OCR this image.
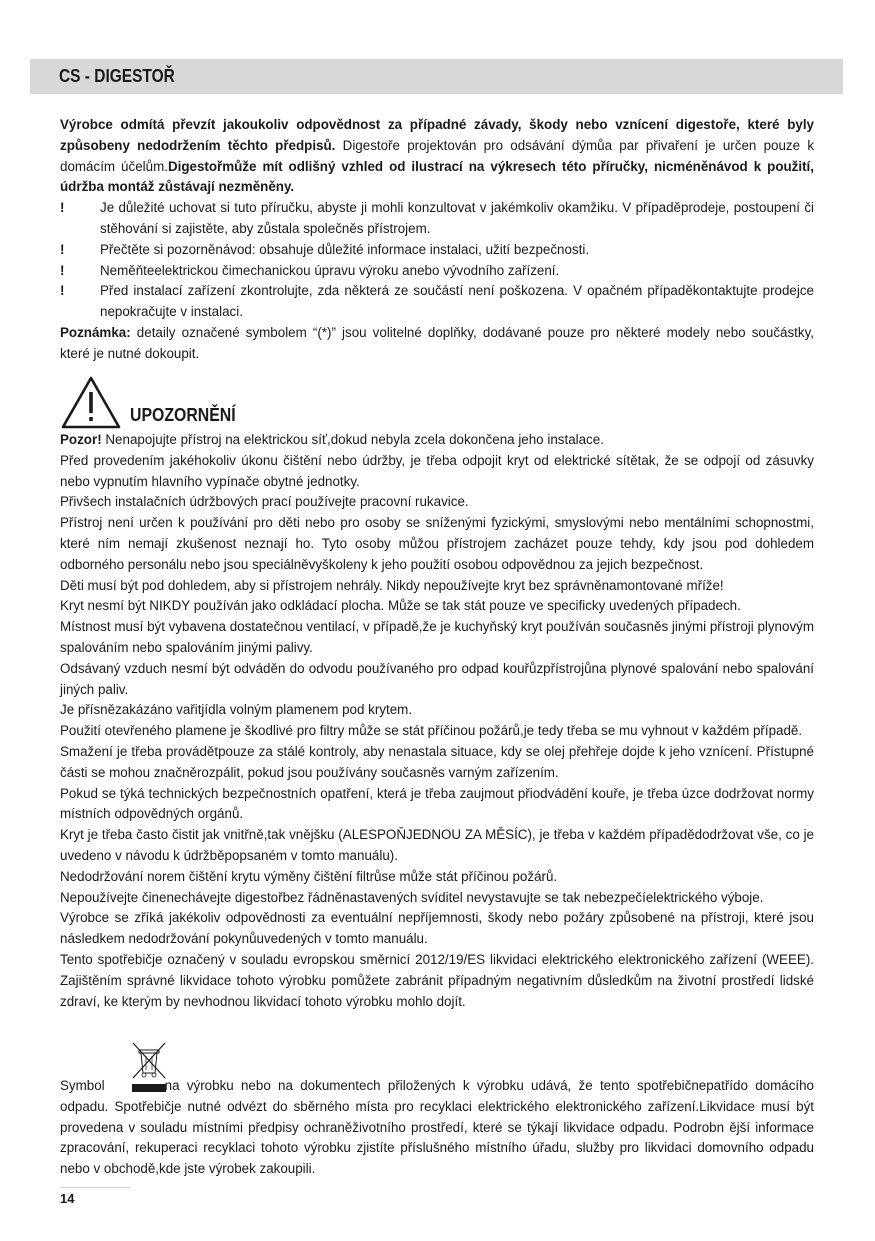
CS - DIGESTOŘ

Výrobce odmítá převzít jakoukoliv odpovědnost za případné závady, škody nebo vznícení digestoře, které byly způsobeny nedodržením těchto předpisů. Digestoře projektován pro odsávání dýmůa par přivaření je určen pouze k domácím účelům.Digestořmůže mít odlišný vzhled od ilustrací na výkresech této příručky, nicméněnávod k použití, údržba montáž zůstávají nezměněny.

!	Je důležité uchovat si tuto příručku, abyste ji mohli konzultovat v jakémkoliv okamžiku. V případěprodeje, postoupení či stěhování si zajistěte, aby zůstala společněs přístrojem.
!	Přečtěte si pozorněnávod: obsahuje důležité informace instalaci, užití bezpečnosti.
!	Neměňteelektrickou čimechanickou úpravu výroku anebo vývodního zařízení.
!	Před instalací zařízení zkontrolujte, zda některá ze součástí není poškozena. V opačném případěkontaktujte prodejce nepokračujte v instalaci.

Poznámka: detaily označené symbolem “(*)” jsou volitelné doplňky, dodávané pouze pro některé modely nebo součástky, které je nutné dokoupit.

UPOZORNĚNÍ

Pozor! Nenapojujte přístroj na elektrickou síť,dokud nebyla zcela dokončena jeho instalace.

Před provedením jakéhokoliv úkonu čištění nebo údržby, je třeba odpojit kryt od elektrické sítětak, že se odpojí od zásuvky nebo vypnutím hlavního vypínače obytné jednotky.

Přivšech instalačních údržbových prací používejte pracovní rukavice.

Přístroj není určen k používání pro děti nebo pro osoby se sníženými fyzickými, smyslovými nebo mentálními schopnostmi, které ním nemají zkušenost neznají ho. Tyto osoby můžou přístrojem zacházet pouze tehdy, kdy jsou pod dohledem odborného personálu nebo jsou speciálněvyškoleny k jeho použití osobou odpovědnou za jejich bezpečnost.

Děti musí být pod dohledem, aby si přístrojem nehrály. Nikdy nepoužívejte kryt bez správněnamontované mříže!

Kryt nesmí být NIKDY používán jako odkládací plocha. Může se tak stát pouze ve specificky uvedených případech.

Místnost musí být vybavena dostatečnou ventilací, v případě,že je kuchyňský kryt používán současněs jinými přístroji plynovým spalováním nebo spalováním jinými palivy.

Odsávaný vzduch nesmí být odváděn do odvodu používaného pro odpad kouřůzpřístrojůna plynové spalování nebo spalování jiných paliv.

Je přísnězakázáno vařitjídla volným plamenem pod krytem.

Použití otevřeného plamene je škodlivé pro filtry může se stát příčinou požárů,je tedy třeba se mu vyhnout v každém případě.

Smažení je třeba provádětpouze za stálé kontroly, aby nenastala situace, kdy se olej přehřeje dojde k jeho vznícení. Přístupné části se mohou značněrozpálit, pokud jsou používány současněs varným zařízením.

Pokud se týká technických bezpečnostních opatření, která je třeba zaujmout přiodvádění kouře, je třeba úzce dodržovat normy místních odpovědných orgánů.

Kryt je třeba často čistit jak vnitřně,tak vnějšku (ALESPOŇJEDNOU ZA MĚSÍC), je třeba v každém případědodržovat vše, co je uvedeno v návodu k údržběpopsaném v tomto manuálu).

Nedodržování norem čištění krytu výměny čištění filtrůse může stát příčinou požárů.

Nepoužívejte činenechávejte digestořbez řádněnastavených svíditel nevystavujte se tak nebezpečíelektrického výboje.

Výrobce se zříká jakékoliv odpovědnosti za eventuální nepříjemnosti, škody nebo požáry způsobené na přístroji, které jsou následkem nedodržování pokynůuvedených v tomto manuálu.

Tento spotřebičje označený v souladu evropskou směrnicí 2012/19/ES likvidaci elektrického elektronického zařízení (WEEE). Zajištěním správné likvidace tohoto výrobku pomůžete zabránit případným negativním důsledkům na životní prostředí lidské zdraví, ke kterým by nevhodnou likvidací tohoto výrobku mohlo dojít.

Symbol	na výrobku nebo na dokumentech přiložených k výrobku udává, že tento spotřebičnepatřído domácího odpadu. Spotřebičje nutné odvézt do sběrného místa pro recyklaci elektrického elektronického zařízení.Likvidace musí být provedena v souladu místními předpisy ochraněživotního prostředí, které se týkají likvidace odpadu. Podrobn ější informace zpracování, rekuperaci recyklaci tohoto výrobku zjistíte příslušného místního úřadu, služby pro likvidaci domovního odpadu nebo v obchodě,kde jste výrobek zakoupili.

14
